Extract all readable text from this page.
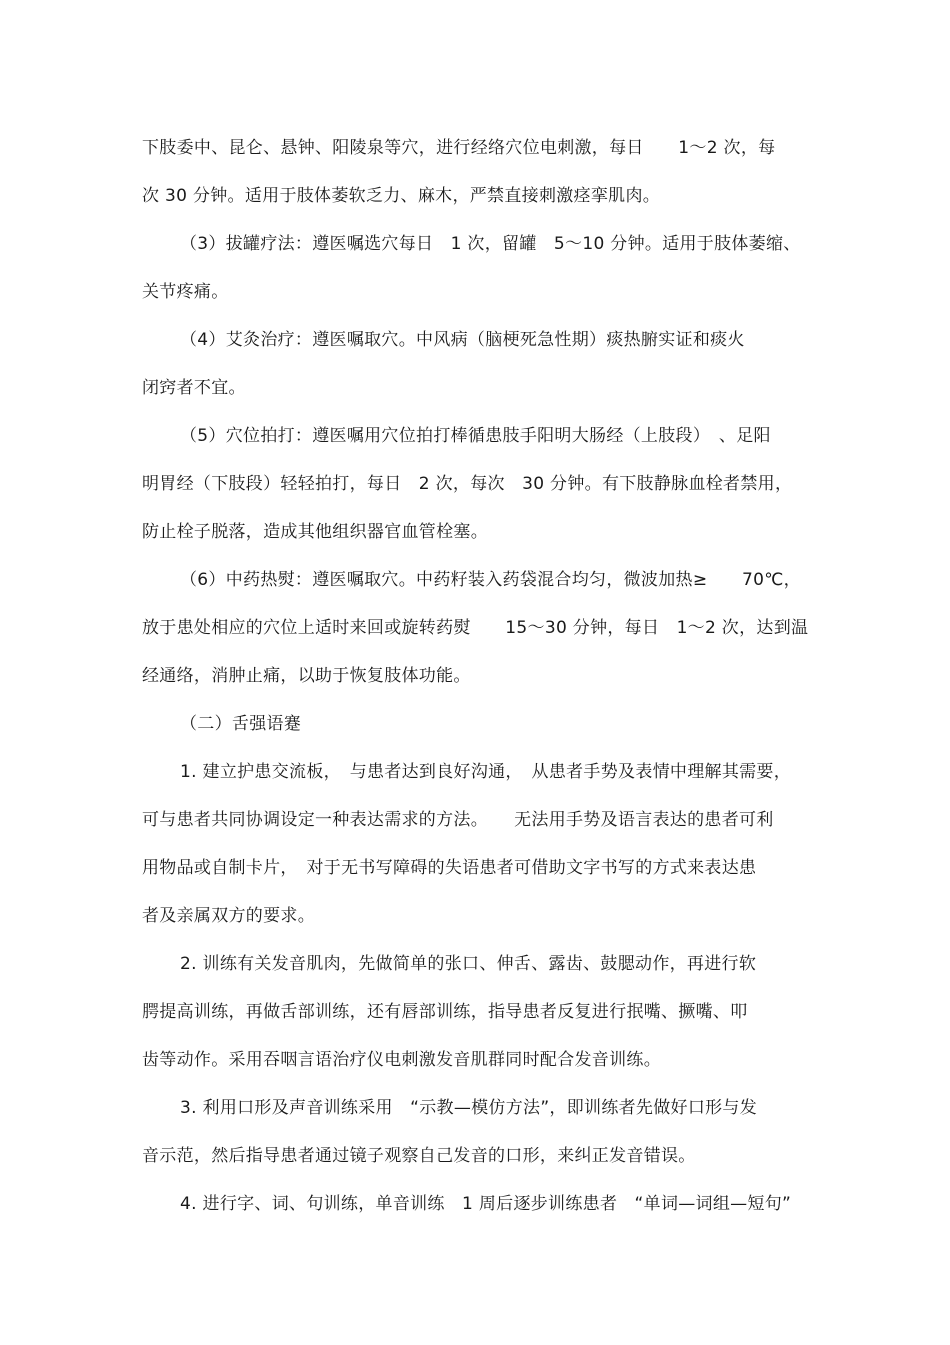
下肢委中、昆仑、悬钟、阳陵泉等穴，进行经络穴位电刺激，每日　　1～2 次，每
次 30 分钟。适用于肢体萎软乏力、麻木，严禁直接刺激痉挛肌肉。
（3）拔罐疗法：遵医嘱选穴每日　1 次，留罐　5～10 分钟。适用于肢体萎缩、
关节疼痛。
（4）艾灸治疗：遵医嘱取穴。中风病（脑梗死急性期）痰热腑实证和痰火
闭窍者不宜。
（5）穴位拍打：遵医嘱用穴位拍打棒循患肢手阳明大肠经（上肢段）　、足阳
明胃经（下肢段）轻轻拍打，每日　2 次，每次　30 分钟。有下肢静脉血栓者禁用，
防止栓子脱落，造成其他组织器官血管栓塞。
（6）中药热熨：遵医嘱取穴。中药籽装入药袋混合均匀，微波加热≥　　70℃，
放于患处相应的穴位上适时来回或旋转药熨　　15～30 分钟，每日　1～2 次，达到温
经通络，消肿止痛，以助于恢复肢体功能。
（二）舌强语蹇
1. 建立护患交流板，　与患者达到良好沟通，　从患者手势及表情中理解其需要，
可与患者共同协调设定一种表达需求的方法。　　无法用手势及语言表达的患者可利
用物品或自制卡片，　对于无书写障碍的失语患者可借助文字书写的方式来表达患
者及亲属双方的要求。
2. 训练有关发音肌肉，先做简单的张口、伸舌、露齿、鼓腮动作，再进行软
腭提高训练，再做舌部训练，还有唇部训练，指导患者反复进行抿嘴、撅嘴、叩
齿等动作。采用吞咽言语治疗仪电刺激发音肌群同时配合发音训练。
3. 利用口形及声音训练采用　“示教—模仿方法”，即训练者先做好口形与发
音示范，然后指导患者通过镜子观察自己发音的口形，来纠正发音错误。
4. 进行字、词、句训练，单音训练　1 周后逐步训练患者　“单词—词组—短句”
